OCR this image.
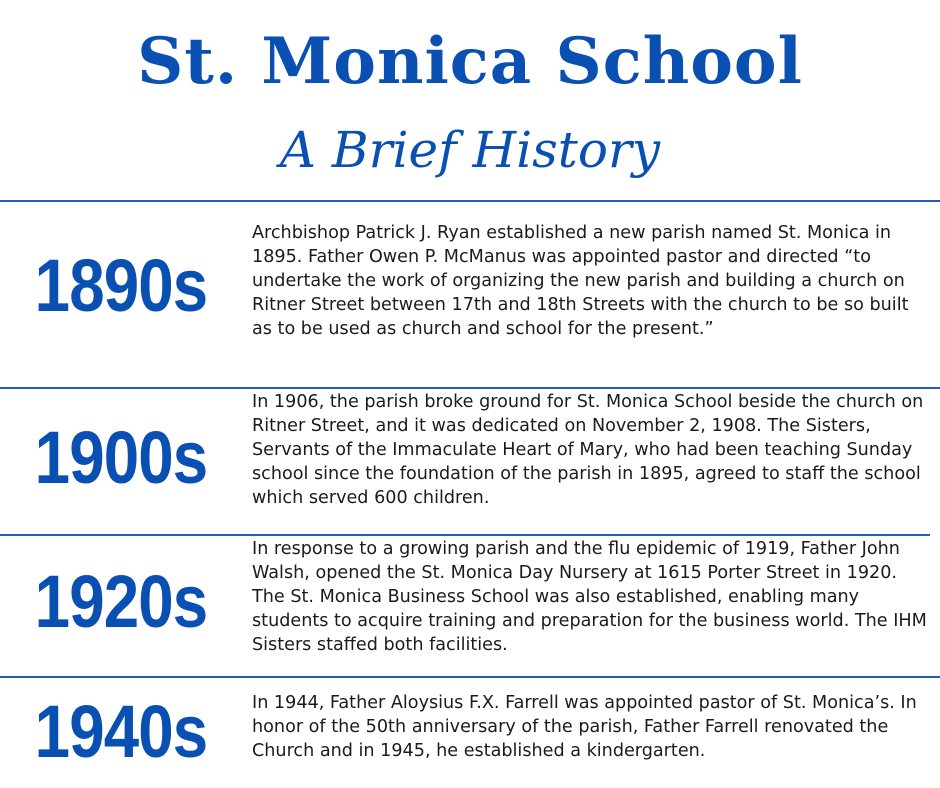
St. Monica School
A Brief History
1890s

Archbishop Patrick J. Ryan established a new parish named St. Monica in 1895. Father Owen P. McManus was appointed pastor and directed “to undertake the work of organizing the new parish and building a church on Ritner Street between 17th and 18th Streets with the church to be so built as to be used as church and school for the present.”

1900s

In 1906, the parish broke ground for St. Monica School beside the church on Ritner Street, and it was dedicated on November 2, 1908. The Sisters, Servants of the Immaculate Heart of Mary, who had been teaching Sunday school since the foundation of the parish in 1895, agreed to staff the school which served 600 children.

1920s

In response to a growing parish and the flu epidemic of 1919, Father John Walsh, opened the St. Monica Day Nursery at 1615 Porter Street in 1920. The St. Monica Business School was also established, enabling many students to acquire training and preparation for the business world. The IHM Sisters staffed both facilities.

1940s	In 1944, Father Aloysius F.X. Farrell was appointed pastor of St. Monica’s. In honor of the 50th anniversary of the parish, Father Farrell renovated the Church and in 1945, he established a kindergarten.
